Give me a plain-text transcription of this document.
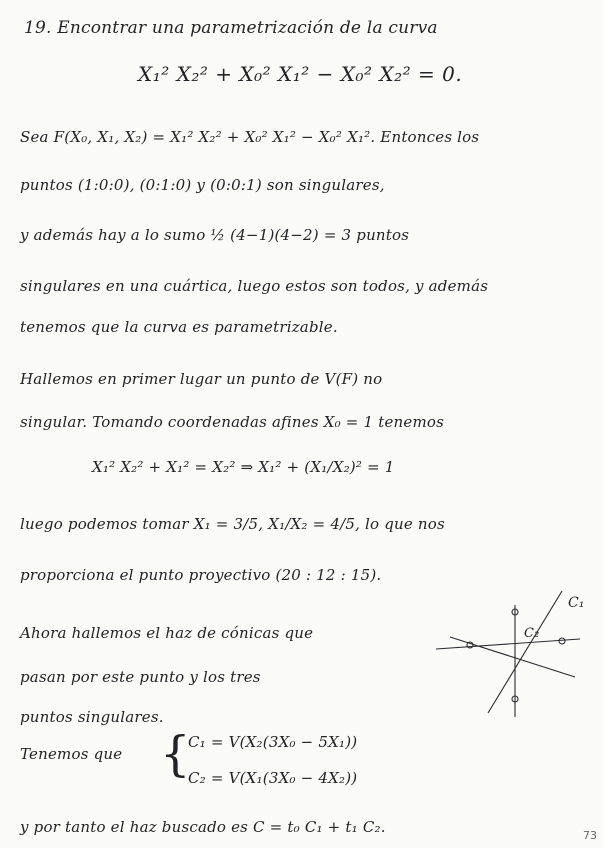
19. Encontrar una parametrización de la curva
X₁² X₂² + X₀² X₁² − X₀² X₂² = 0.
Sea F(X₀, X₁, X₂) = X₁² X₂² + X₀² X₁² − X₀² X₁². Entonces los
puntos (1:0:0), (0:1:0) y (0:0:1) son singulares,
y además hay a lo sumo ½ (4−1)(4−2) = 3 puntos
singulares en una cuártica, luego estos son todos, y además
tenemos que la curva es parametrizable.
Hallemos en primer lugar un punto de V(F) no
singular. Tomando coordenadas afines X₀ = 1 tenemos
X₁² X₂² + X₁² = X₂² ⇒ X₁² + (X₁/X₂)² = 1
luego podemos tomar X₁ = 3/5, X₁/X₂ = 4/5, lo que nos
proporciona el punto proyectivo (20 : 12 : 15).
Ahora hallemos el haz de cónicas que
pasan por este punto y los tres
puntos singulares.
Tenemos que {
C₁ = V(X₂(3X₀ − 5X₁))
C₂ = V(X₁(3X₀ − 4X₂))
y por tanto el haz buscado es C = t₀ C₁ + t₁ C₂.
C₁
C₂
73
